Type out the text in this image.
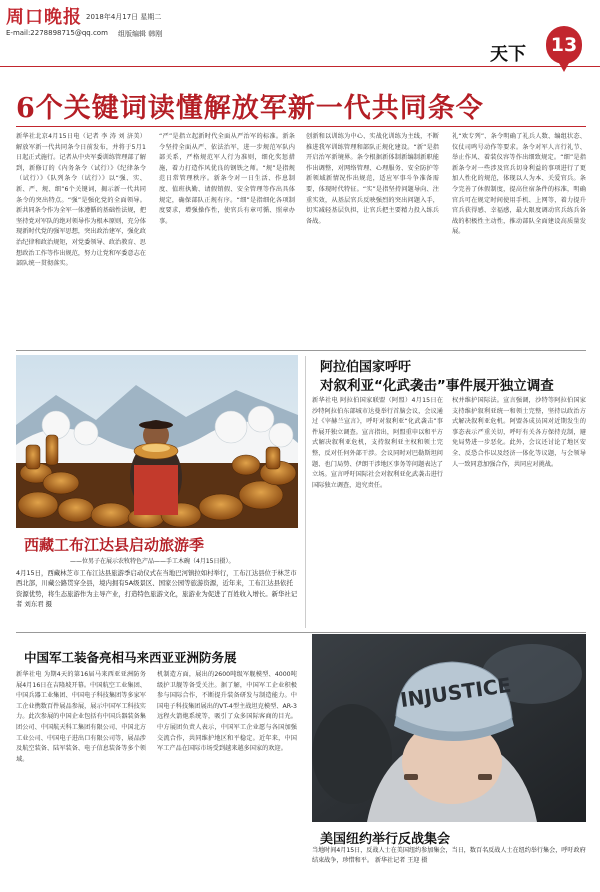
周口晚报 2018年4月17日 星期二
E-mail:2278898715@qq.com 组版编辑 韩刚
天下 13
6个关键词读懂解放军新一代共同条令
新华社北京4月15日电（记者 李 涛 刘 济美） 解放军新一代共同条令日前发布，并将于5月1日起正式施行。记者从中央军委训练管理部了解到，新修订的《内务条令（试行）》《纪律条令（试行）》《队列条令（试行）》以“强、实、新、严、规、细”6个关键词，揭示新一代共同条令的突出特点。“强”是强化党的全面领导。新共同条令作为全军一体遵循的基础性法规，把坚持党对军队的绝对领导作为根本原则，充分体现新时代党的强军思想，突出政治建军，强化政治纪律和政治规矩，对党委领导、政治教育、思想政治工作等作出规范，努力让党和军委意志在部队统一贯彻落实。
“严”是指立起新时代全面从严治军的标准。新条令坚持全面从严、依法治军，进一步规范军队内部关系，严格规范军人行为准则，细化奖惩措施，着力打造作风优良的钢铁之师。“规”是指规范日常管理秩序。新条令对一日生活、作息制度、值班执勤、请假销假、安全管理等作出具体规定，确保部队正规有序。“细”是指细化各项制度要求，增强操作性，使官兵有章可循、照章办事。
创新和以训练为中心、实战化训练为主线，不断推进我军训练管理和部队正规化建设。“新”是指开启治军新境界。条令根据新体制新编制新职能作出调整，对网络管理、心理服务、安全防护等新领域新情况作出规范，适应军事斗争准备需要，体现时代特征。“实”是指坚持问题导向、注重实效，从基层官兵反映强烈的突出问题入手，切实减轻基层负担，让官兵把主要精力投入练兵备战。
礼“欢专列”、条令明确了礼兵人数、编组状态、仪仗司鸣号动作等要求。条令对军人言行礼节、举止作风、着装仪容等作出细致规定。“细”是指新条令对一些涉及官兵切身利益的事项进行了更加人性化的规范，体现以人为本、关爱官兵。条令完善了休假制度，提高住宿条件的标准，明确官兵可在规定时间使用手机、上网等，着力提升官兵获得感、幸福感，最大限度调动官兵练兵备战的积极性主动性，推动部队全面建设高质量发展。
西藏工布江达县启动旅游季
——位男子在展示农牧特色产品——手工木碗（4月15日摄）。
4月15日，西藏林芝市工布江达县旅游季启动仪式在当地巴河镇拉如村举行，工布江达县位于林芝市西北部，川藏公路贯穿全县，境内拥有5A级景区、国家公园等旅游资源，近年来，工布江达县依托资源优势，将生态旅游作为主导产业，打造特色旅游文化，旅游业为促进了百姓收入增长。新华社记者 刘东君 摄
阿拉伯国家呼吁
对叙利亚“化武袭击”事件展开独立调查
新华社电 阿拉伯国家联盟（阿盟）4月15日在沙特阿拉伯东部城市达曼举行首脑会议，会议通过《宰赫兰宣言》，呼吁对叙利亚“化武袭击”事件展开独立调查。宣言指出，阿盟重申以和平方式解决叙利亚危机，支持叙利亚主权和领土完整，反对任何外部干涉。会议同时对巴勒斯坦问题、也门局势、伊朗干涉地区事务等问题表达了立场。宣言呼吁国际社会对叙利亚化武袭击进行国际独立调查，追究责任。
权并维护国际法。宣言强调，沙特等阿拉伯国家支持维护叙利亚统一和领土完整，坚持以政治方式解决叙利亚危机。阿盟各成员国对近期发生的事态表示严重关切，呼吁有关各方保持克制，避免局势进一步恶化。此外，会议还讨论了地区安全、反恐合作以及经济一体化等议题，与会领导人一致同意加强合作，共同应对挑战。
中国军工装备亮相马来西亚亚洲防务展
新华社电 为期4天的第16届马来西亚亚洲防务展4月16日在吉隆坡开幕。中国航空工业集团、中国兵器工业集团、中国电子科技集团等多家军工企业携数百件展品参展，展示中国军工科技实力。此次参展的中国企业包括有中国兵器装备集团公司、中国航天科工集团有限公司、中国北方工业公司、中国电子进出口有限公司等，展品涉及航空装备、陆军装备、电子信息装备等多个领域。
机制造方面，展出的2600吨级军舰模型、4000吨级护卫舰等备受关注。据了解，中国军工企业积极参与国际合作，不断提升装备研发与制造能力。中国电子科技集团展出的VT-4型主战坦克模型、AR-3远程火箭炮系统等，吸引了众多国际客商的目光。中方展团负责人表示，中国军工企业愿与各国加强交流合作，共同维护地区和平稳定。近年来，中国军工产品在国际市场受到越来越多国家的欢迎。
INJUSTICE
美国纽约举行反战集会
当地时间4月15日，反战人士在美国纽约参加集会，当日，数百名反战人士在纽约举行集会，呼吁政府结束战争，珍惜和平。 新华社记者 王迎 摄
